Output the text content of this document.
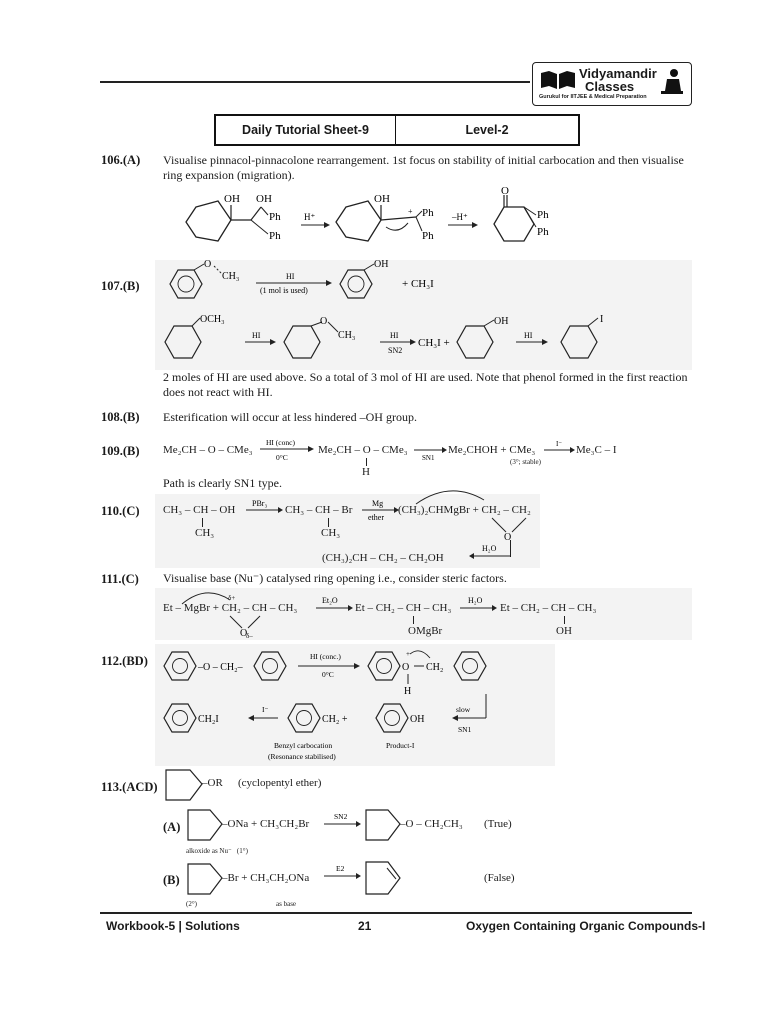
Vidyamandir
Classes
Gurukul for IITJEE & Medical Preparation
Daily Tutorial Sheet-9	Level-2
106.(A) Visualise pinnacol-pinnacolone rearrangement. 1st focus on stability of initial carbocation and then visualise ring expansion (migration).
OH OH
Ph
Ph
H⁺
OH
+ Ph
Ph
–H⁺
O
Ph
Ph
107.(B)
O
CH₃	HI
(1 mol is used)
OH
+ CH₃I
OCH₃
HI
O
CH₃	HI
SN2
CH₃I +
OH
HI
I
2 moles of HI are used above. So a total of 3 mol of HI are used. Note that phenol formed in the first reaction does not react with HI.
108.(B) Esterification will occur at less hindered –OH group.
109.(B) Me₂CH – O – CMe₃
HI (conc)
0°C
Me₂CH – O – CMe₃
H
SN1
Me₂CHOH + CMe₃
(3°; stable)
I⁻ Me₃C – I
Path is clearly SN1 type.
110.(C) CH₃ – CH – OH
CH₃
PBr₃
CH₃ – CH – Br
CH₃
Mg
ether
(CH₃)₂CHMgBr + CH₂ – CH₂
O
(CH₃)₂CH – CH₂ – CH₂OH
H₂O
111.(C) Visualise base (Nu⁻) catalysed ring opening i.e., consider steric factors.
δ+
Et – MgBr + CH₂ – CH – CH₃
O
δ–
Et₂O
Et – CH₂ – CH – CH₃
OMgBr
H₂O
Et – CH₂ – CH – CH₃
OH
112.(BD)	–O – CH₂–
HI (conc.)
0°C
+
O CH₂
H
slow
SN1
CH₂I
I⁻
CH₂ +	OH
Benzyl carbocation
(Resonance stabilised)
Product-I
113.(ACD)	–OR (cyclopentyl ether)
(A)	–ONa + CH₃CH₂Br
SN2
–O – CH₂CH₃ (True)
alkoxide as Nu⁻   (1°)
(B)	–Br + CH₃CH₂ONa
E2
(False)
(2°)	as base
Workbook-5 | Solutions	21	Oxygen Containing Organic Compounds-I
